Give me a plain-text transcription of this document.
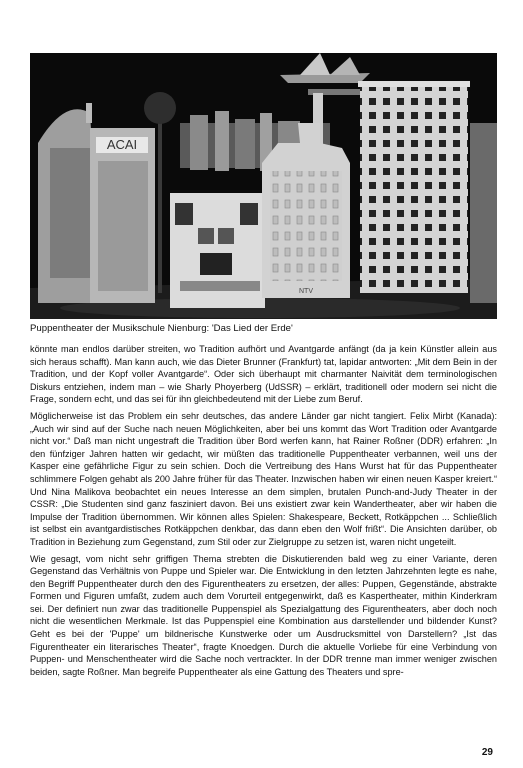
ACAI
NTV
Puppentheater der Musikschule Nienburg: 'Das Lied der Erde'

könnte man endlos darüber streiten, wo Tradition aufhört und Avantgarde anfängt (da ja kein Künstler allein aus sich heraus schafft). Man kann auch, wie das Dieter Brunner (Frankfurt) tat, lapidar antworten: „Mit dem Bein in der Tradition, und der Kopf voller Avantgarde“. Oder sich überhaupt mit charmanter Naivität dem terminologischen Diskurs entziehen, indem man – wie Sharly Phoyerberg (UdSSR) – erklärt, traditionell oder modern sei nicht die Frage, sondern echt, und das sei für ihn gleichbedeutend mit der Liebe zum Beruf.

Möglicherweise ist das Problem ein sehr deutsches, das andere Länder gar nicht tangiert. Felix Mirbt (Kanada): „Auch wir sind auf der Suche nach neuen Möglichkeiten, aber bei uns kommt das Wort Tradition oder Avantgarde nicht vor.“ Daß man nicht ungestraft die Tradition über Bord werfen kann, hat Rainer Roßner (DDR) erfahren: „In den fünfziger Jahren hatten wir gedacht, wir müßten das traditionelle Puppentheater verbannen, weil uns der Kasper eine gefährliche Figur zu sein schien. Doch die Vertreibung des Hans Wurst hat für das Puppentheater schlimmere Folgen gehabt als 200 Jahre früher für das Theater. Inzwischen haben wir einen neuen Kasper kreiert.“ Und Nina Malikova beobachtet ein neues Interesse an dem simplen, brutalen Punch-and-Judy Theater in der CSSR: „Die Studenten sind ganz fasziniert davon. Bei uns existiert zwar kein Wandertheater, aber wir haben die Impulse der Tradition übernommen. Wir können alles Spielen: Shakespeare, Beckett, Rotkäppchen ... Schließlich ist selbst ein avantgardistisches Rotkäppchen denkbar, das dann eben den Wolf frißt“. Die Ansichten darüber, ob Tradition in Beziehung zum Gegenstand, zum Stil oder zur Zielgruppe zu setzen ist, waren nicht ungeteilt.

Wie gesagt, vom nicht sehr griffigen Thema strebten die Diskutierenden bald weg zu einer Variante, deren Gegenstand das Verhältnis von Puppe und Spieler war. Die Entwicklung in den letzten Jahrzehnten legte es nahe, den Begriff Puppentheater durch den des Figurentheaters zu ersetzen, der alles: Puppen, Gegenstände, abstrakte Formen und Figuren umfaßt, zudem auch dem Vorurteil entgegenwirkt, daß es Kaspertheater, mithin Kinderkram sei. Der definiert nun zwar das traditionelle Puppenspiel als Spezialgattung des Figurentheaters, aber doch noch nicht die wesentlichen Merkmale. Ist das Puppenspiel eine Kombination aus darstellender und bildender Kunst? Geht es bei der 'Puppe' um bildnerische Kunstwerke oder um Ausdrucksmittel von Darstellern? „Ist das Figurentheater ein literarisches Theater“, fragte Knoedgen. Durch die aktuelle Vorliebe für eine Verbindung von Puppen- und Menschentheater wird die Sache noch vertrackter. In der DDR trenne man immer weniger zwischen beiden, sagte Roßner. Man begreife Puppentheater als eine Gattung des Theaters und spre-

29
